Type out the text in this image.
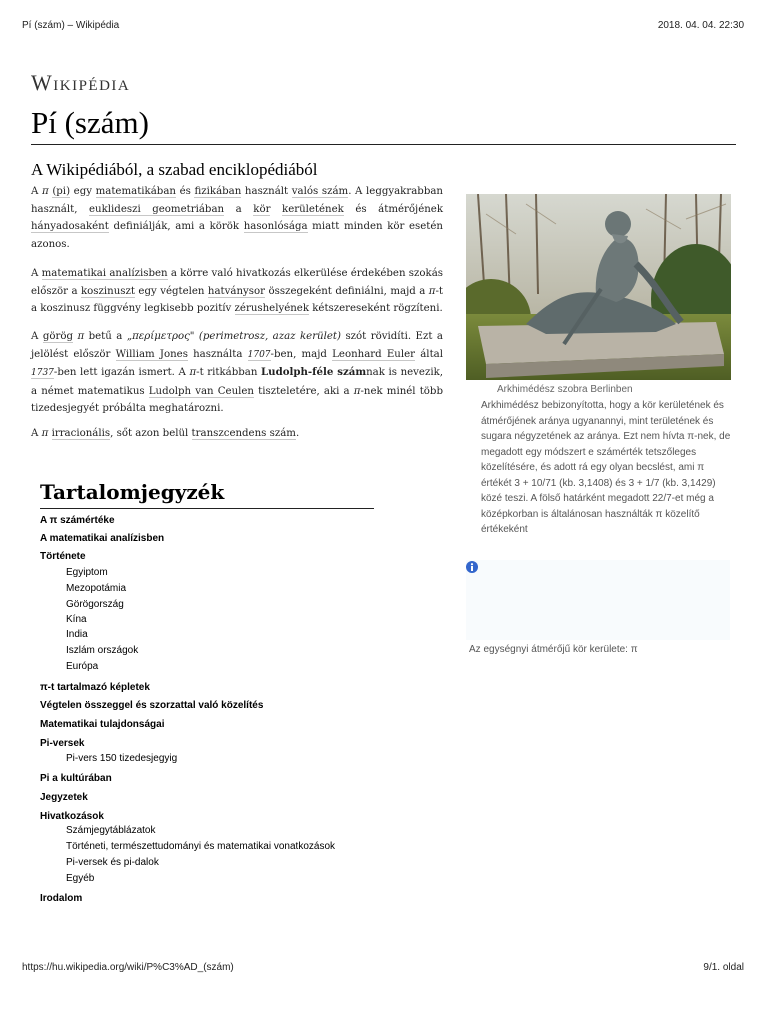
Pí (szám) – Wikipédia	2018. 04. 04. 22:30
Wikipédia
Pí (szám)
A Wikipédiából, a szabad enciklopédiából

A π (pi) egy matematikában és fizikában használt valós szám. A leggyakrabban használt, euklideszi geometriában a kör kerületének és átmérőjének hányadosaként definiálják, ami a körök hasonlósága miatt minden kör esetén azonos.

A matematikai analízisben a körre való hivatkozás elkerülése érdekében szokás először a koszinuszt egy végtelen hatványsor összegeként definiálni, majd a π-t a koszinusz függvény legkisebb pozitív zérushelyének kétszereseként rögzíteni.

A görög π betű a „περίμετρος" (perimetrosz, azaz kerület) szót rövidíti. Ezt a jelölést először William Jones használta 1707-ben, majd Leonhard Euler által 1737-ben lett igazán ismert. A π-t ritkábban Ludolph-féle számnak is nevezik, a német matematikus Ludolph van Ceulen tiszteletére, aki a π-nek minél több tizedesjegyét próbálta meghatározni.

A π irracionális, sőt azon belül transzcendens szám.

Arkhimédész szobra Berlinben

Arkhimédész bebizonyította, hogy a kör kerületének és átmérőjének aránya ugyanannyi, mint területének és sugara négyzetének az aránya. Ezt nem hívta π-nek, de megadott egy módszert e számérték tetszőleges közelítésére, és adott rá egy olyan becslést, ami π értékét 3 + 10/71 (kb. 3,1408) és 3 + 1/7 (kb. 3,1429) közé teszi. A fölső határként megadott 22/7-et még a középkorban is általánosan használták π közelítő értékeként

Az egységnyi átmérőjű kör kerülete: π
Tartalomjegyzék
A π számértéke
A matematikai analízisben
Története
Egyiptom
Mezopotámia
Görögország
Kína
India
Iszlám országok
Európa
π-t tartalmazó képletek
Végtelen összeggel és szorzattal való közelítés
Matematikai tulajdonságai
Pi-versek
Pi-vers 150 tizedesjegyig
Pi a kultúrában
Jegyzetek
Hivatkozások
Számjegytáblázatok
Történeti, természettudományi és matematikai vonatkozások
Pi-versek és pi-dalok
Egyéb
Irodalom
https://hu.wikipedia.org/wiki/P%C3%AD_(szám)	9/1. oldal
